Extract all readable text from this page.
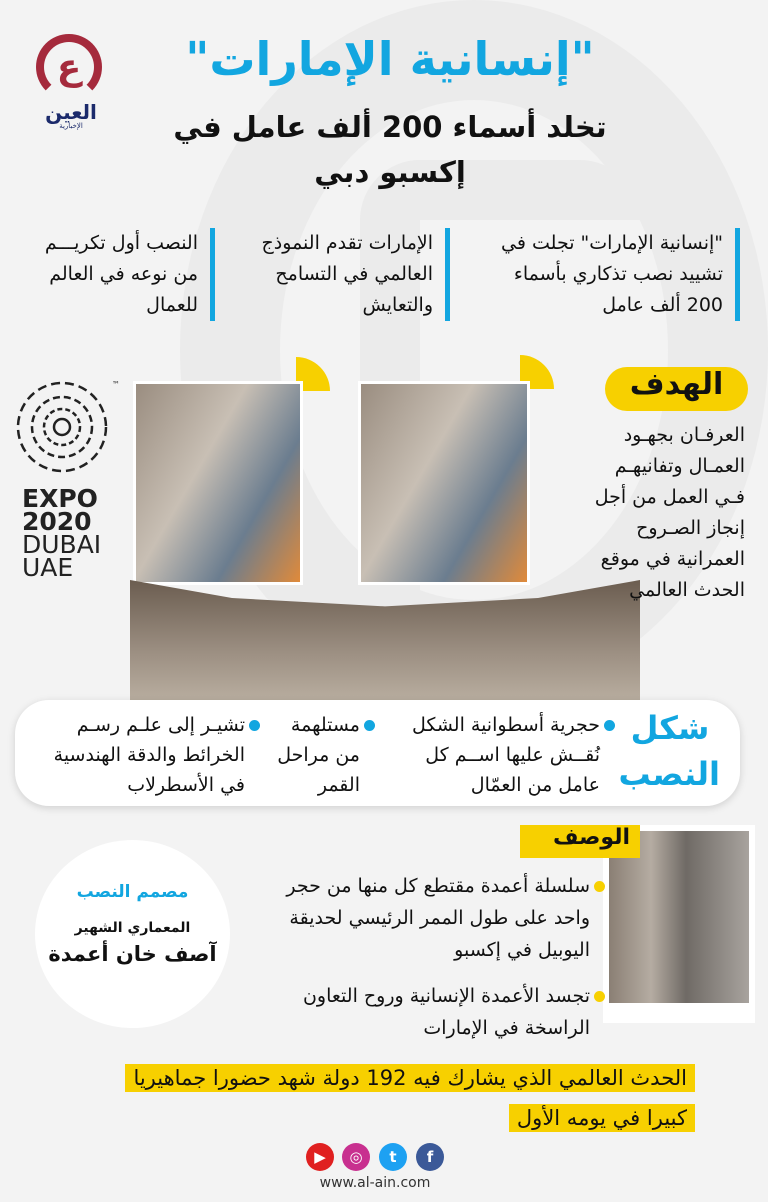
ع
العين
الإخبارية
"إنسانية الإمارات"
تخلد أسماء 200 ألف عامل في
إكسبو دبي
"إنسانية الإمارات" تجلت في
تشييد نصب تذكاري بأسماء
200 ألف عامل
الإمارات تقدم النموذج
العالمي في التسامح
والتعايش
النصب أول تكريـــم
من نوعه في العالم
للعمال
™
EXPO
2020
DUBAI
UAE
الهدف
العرفـان بجهـود
العمـال وتفانيهـم
فـي العمل من أجل
إنجاز الصـروح
العمرانية في موقع
الحدث العالمي
شكل
النصب
حجرية أسطوانية الشكل
نُقــش عليها اســم كل
عامل من العمّال
مستلهمة
من مراحل
القمر
تشيـر إلى علـم رسـم
الخرائط والدقة الهندسية
في الأسطرلاب
الوصف
سلسلة أعمدة مقتطع كل منها من حجر
واحد على طول الممر الرئيسي لحديقة
اليوبيل في إكسبو
تجسد الأعمدة الإنسانية وروح التعاون
الراسخة في الإمارات
مصمم النصب
المعماري الشهير
آصف خان أعمدة
الحدث العالمي الذي يشارك فيه 192 دولة شهد حضورا جماهيريا
كبيرا في يومه الأول
▶	◎	t	f
www.al-ain.com
